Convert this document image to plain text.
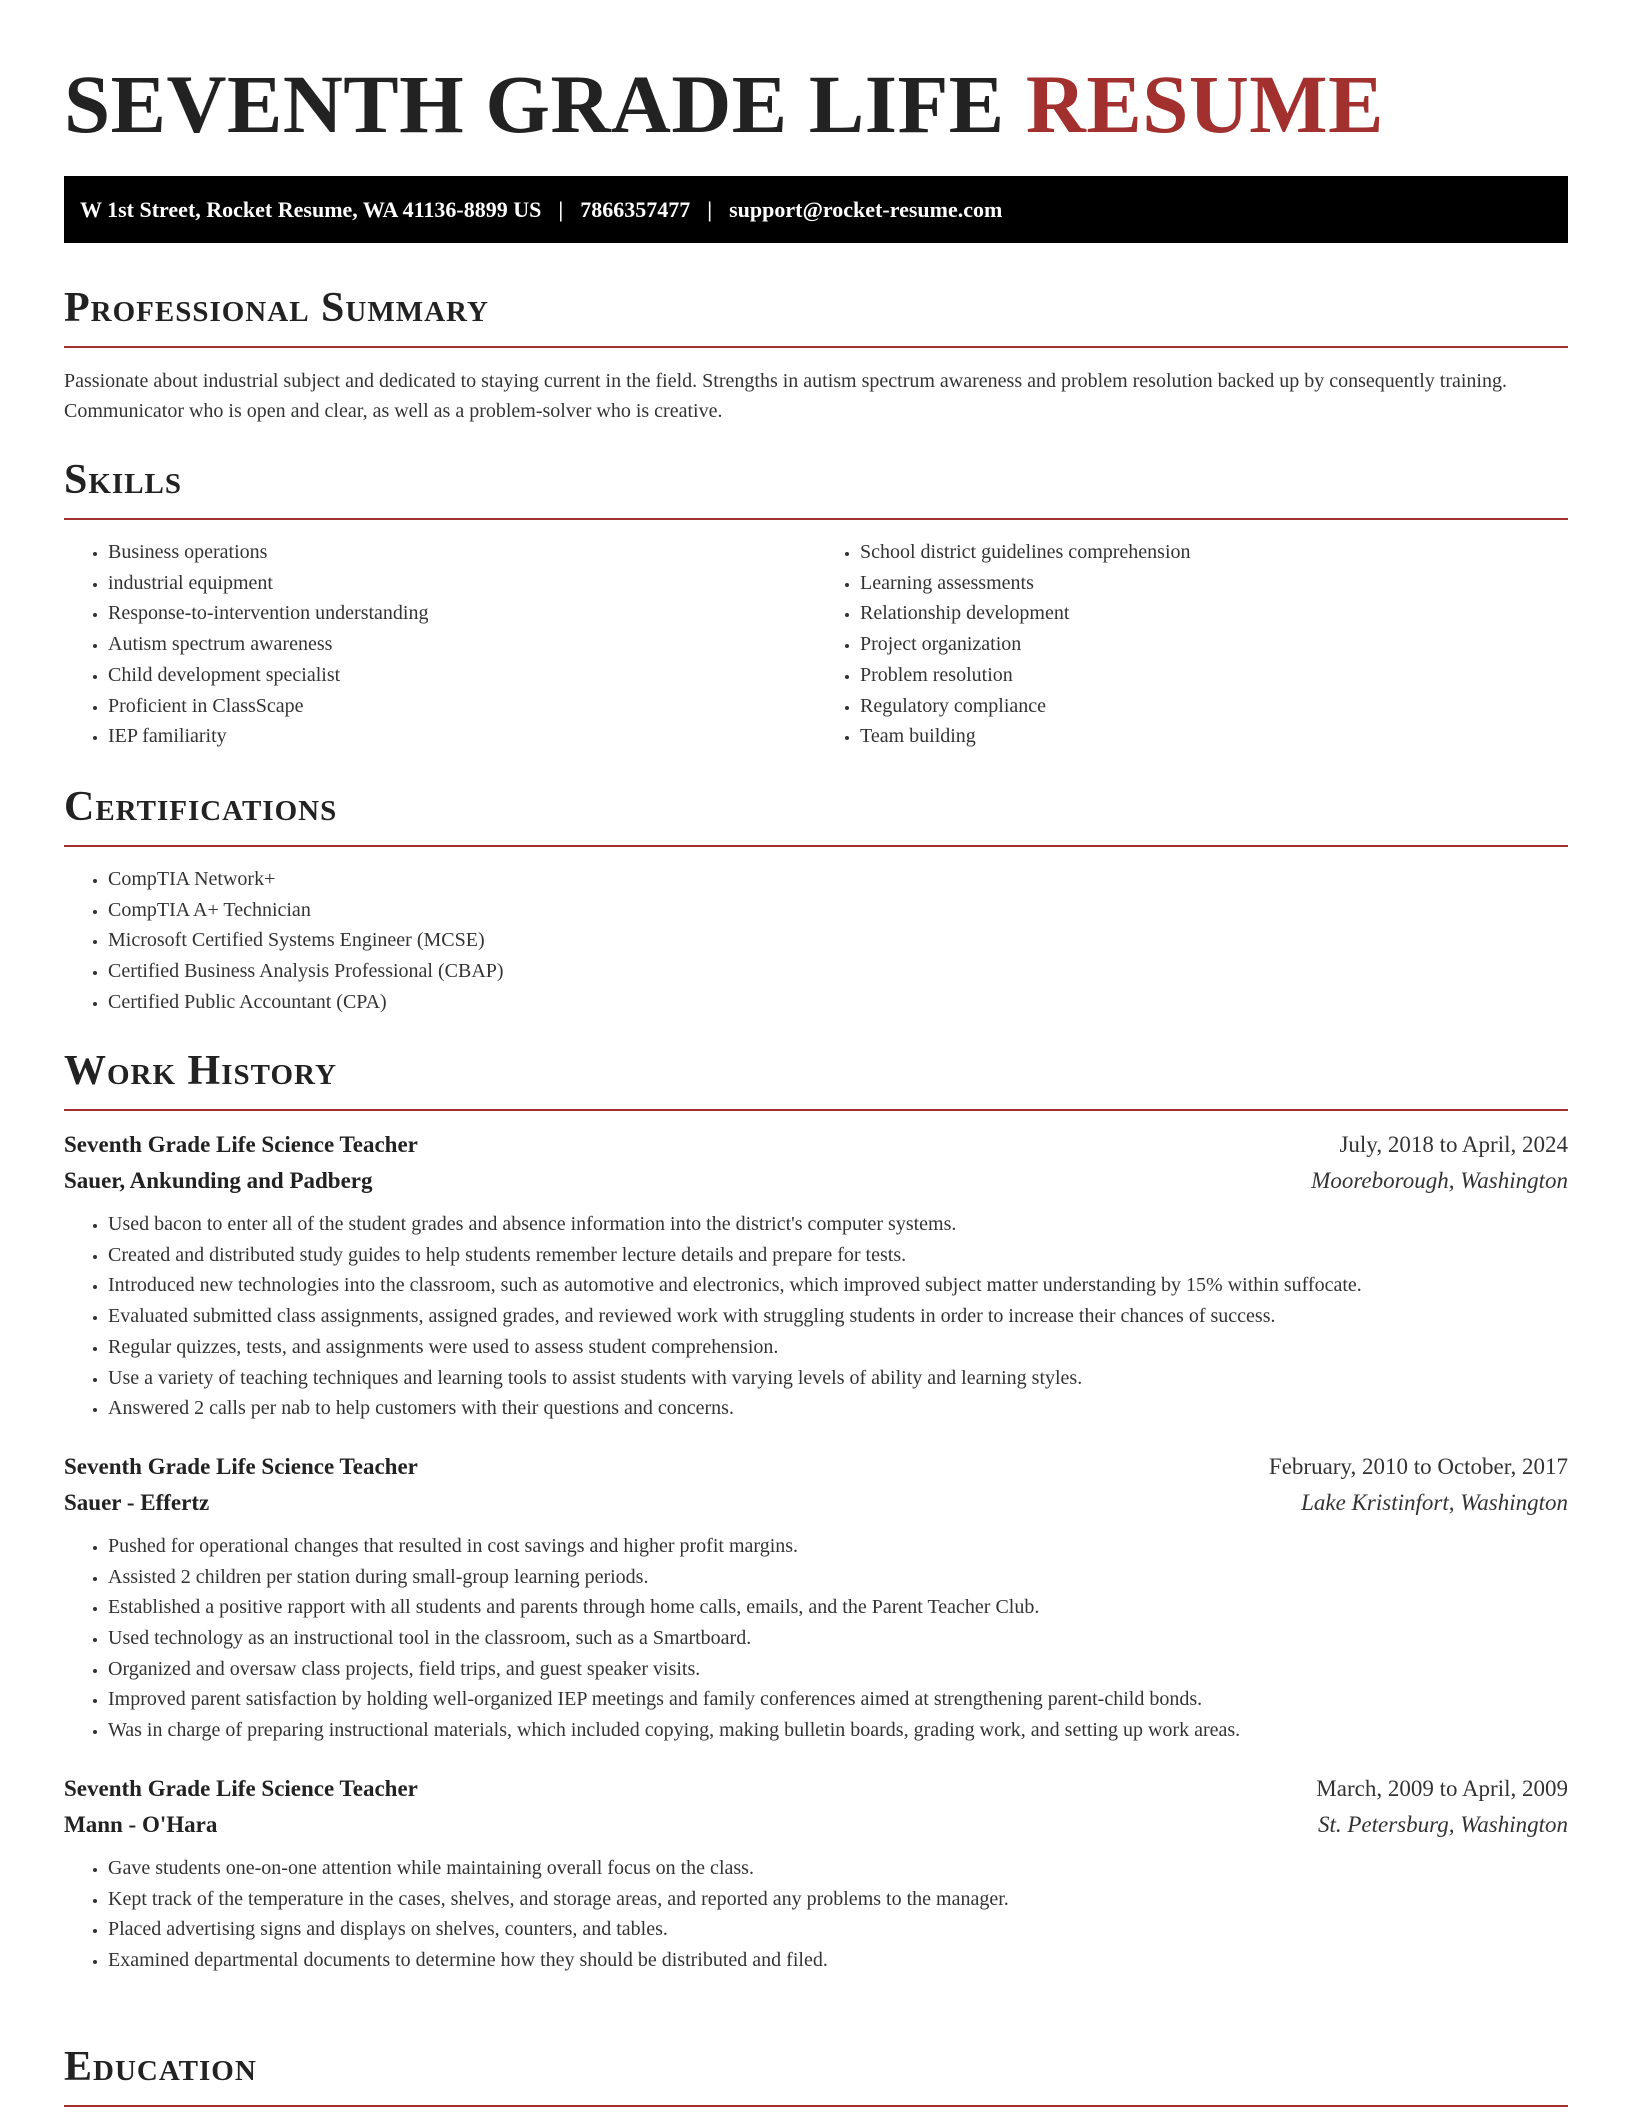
SEVENTH GRADE LIFE RESUME
W 1st Street, Rocket Resume, WA 41136-8899 US | 7866357477 | support@rocket-resume.com
Professional Summary

Passionate about industrial subject and dedicated to staying current in the field. Strengths in autism spectrum awareness and problem resolution backed up by consequently training. Communicator who is open and clear, as well as a problem-solver who is creative.

Skills
• Business operations
• industrial equipment
• Response-to-intervention understanding
• Autism spectrum awareness
• Child development specialist
• Proficient in ClassScape
• IEP familiarity
• School district guidelines comprehension
• Learning assessments
• Relationship development
• Project organization
• Problem resolution
• Regulatory compliance
• Team building
Certifications
• CompTIA Network+
• CompTIA A+ Technician
• Microsoft Certified Systems Engineer (MCSE)
• Certified Business Analysis Professional (CBAP)
• Certified Public Accountant (CPA)
Work History
Seventh Grade Life Science Teacher	July, 2018 to April, 2024
Sauer, Ankunding and Padberg	Mooreborough, Washington
• Used bacon to enter all of the student grades and absence information into the district's computer systems.
• Created and distributed study guides to help students remember lecture details and prepare for tests.
• Introduced new technologies into the classroom, such as automotive and electronics, which improved subject matter understanding by 15% within suffocate.
• Evaluated submitted class assignments, assigned grades, and reviewed work with struggling students in order to increase their chances of success.
• Regular quizzes, tests, and assignments were used to assess student comprehension.
• Use a variety of teaching techniques and learning tools to assist students with varying levels of ability and learning styles.
• Answered 2 calls per nab to help customers with their questions and concerns.
Seventh Grade Life Science Teacher	February, 2010 to October, 2017
Sauer - Effertz	Lake Kristinfort, Washington
• Pushed for operational changes that resulted in cost savings and higher profit margins.
• Assisted 2 children per station during small-group learning periods.
• Established a positive rapport with all students and parents through home calls, emails, and the Parent Teacher Club.
• Used technology as an instructional tool in the classroom, such as a Smartboard.
• Organized and oversaw class projects, field trips, and guest speaker visits.
• Improved parent satisfaction by holding well-organized IEP meetings and family conferences aimed at strengthening parent-child bonds.
• Was in charge of preparing instructional materials, which included copying, making bulletin boards, grading work, and setting up work areas.
Seventh Grade Life Science Teacher	March, 2009 to April, 2009
Mann - O'Hara	St. Petersburg, Washington
• Gave students one-on-one attention while maintaining overall focus on the class.
• Kept track of the temperature in the cases, shelves, and storage areas, and reported any problems to the manager.
• Placed advertising signs and displays on shelves, counters, and tables.
• Examined departmental documents to determine how they should be distributed and filed.
Education
